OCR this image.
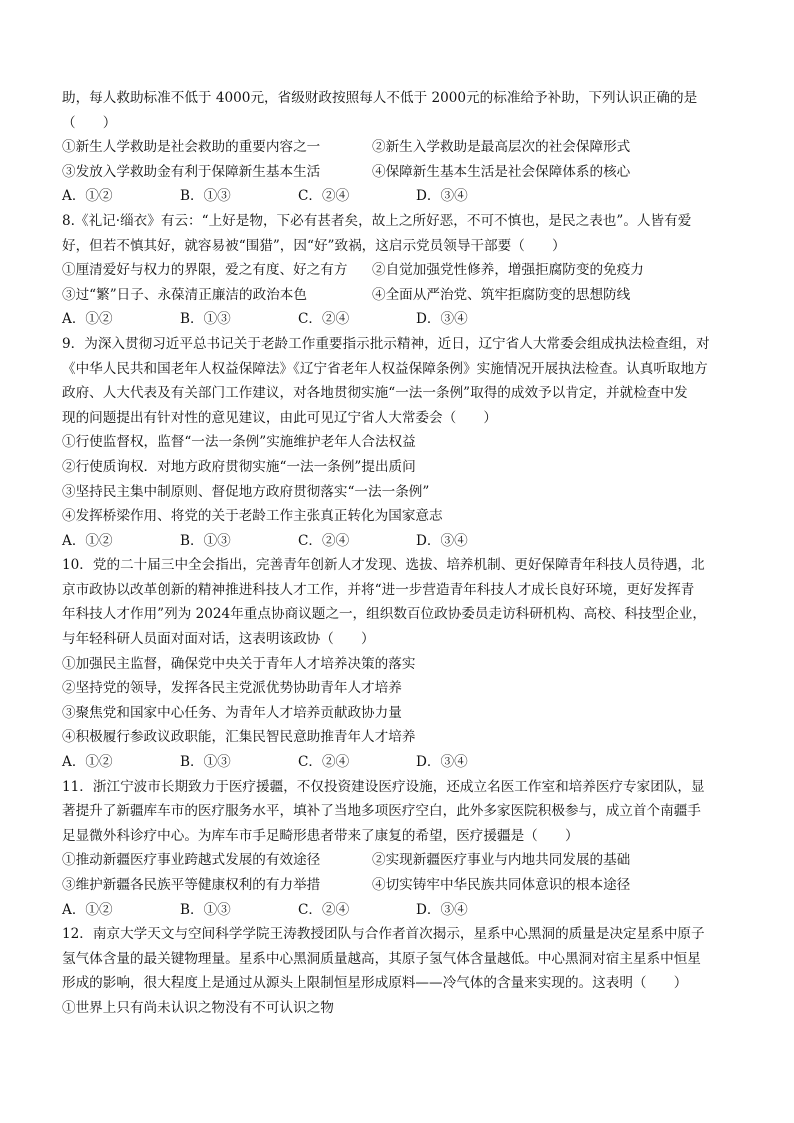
助，每人救助标准不低于 4000元，省级财政按照每人不低于 2000元的标准给予补助，下列认识正确的是
（　　）
①新生人学救助是社会救助的重要内容之一	②新生入学救助是最高层次的社会保障形式
③发放入学救助金有利于保障新生基本生活	④保障新生基本生活是社会保障体系的核心
A．①②	B．①③	C．②④	D．③④
8.《礼记·缁衣》有云：“上好是物，下必有甚者矣，故上之所好恶，不可不慎也，是民之表也”。人皆有爱
好，但若不慎其好，就容易被“围猎”，因“好”致祸，这启示党员领导干部要（　　）
①厘清爱好与权力的界限，爱之有度、好之有方	②自觉加强党性修养，增强拒腐防变的免疫力
③过“繁”日子、永葆清正廉洁的政治本色	④全面从严治党、筑牢拒腐防变的思想防线
A．①②	B．①③	C．②④	D．③④
9．为深入贯彻习近平总书记关于老龄工作重要指示批示精神，近日，辽宁省人大常委会组成执法检查组，对
《中华人民共和国老年人权益保障法》《辽宁省老年人权益保障条例》实施情况开展执法检查。认真听取地方
政府、人大代表及有关部门工作建议，对各地贯彻实施“一法一条例”取得的成效予以肯定，并就检查中发
现的问题提出有针对性的意见建议，由此可见辽宁省人大常委会（　　）
①行使监督权，监督“一法一条例”实施维护老年人合法权益
②行使质询权．对地方政府贯彻实施“一法一条例”提出质问
③坚持民主集中制原则、督促地方政府贯彻落实“一法一条例”
④发挥桥梁作用、将党的关于老龄工作主张真正转化为国家意志
A．①②	B．①③	C．②④	D．③④
10．党的二十届三中全会指出，完善青年创新人才发现、选拔、培养机制、更好保障青年科技人员待遇，北
京市政协以改革创新的精神推进科技人才工作，并将“进一步营造青年科技人才成长良好环境，更好发挥青
年科技人才作用”列为 2024年重点协商议题之一，组织数百位政协委员走访科研机构、高校、科技型企业，
与年轻科研人员面对面对话，这表明该政协（　　）
①加强民主监督，确保党中央关于青年人才培养决策的落实
②坚持党的领导，发挥各民主党派优势协助青年人才培养
③聚焦党和国家中心任务、为青年人才培养贡献政协力量
④积极履行参政议政职能，汇集民智民意助推青年人才培养
A．①②	B．①③	C．②④	D．③④
11．浙江宁波市长期致力于医疗援疆，不仅投资建设医疗设施，还成立名医工作室和培养医疗专家团队，显
著提升了新疆库车市的医疗服务水平，填补了当地多项医疗空白，此外多家医院积极参与，成立首个南疆手
足显微外科诊疗中心。为库车市手足畸形患者带来了康复的希望，医疗援疆是（　　）
①推动新疆医疗事业跨越式发展的有效途径	②实现新疆医疗事业与内地共同发展的基础
③维护新疆各民族平等健康权利的有力举措	④切实铸牢中华民族共同体意识的根本途径
A．①②	B．①③	C．②④	D．③④
12．南京大学天文与空间科学学院王涛教授团队与合作者首次揭示，星系中心黑洞的质量是决定星系中原子
氢气体含量的最关键物理量。星系中心黑洞质量越高，其原子氢气体含量越低。中心黑洞对宿主星系中恒星
形成的影响，很大程度上是通过从源头上限制恒星形成原料——冷气体的含量来实现的。这表明（　　）
①世界上只有尚未认识之物没有不可认识之物
